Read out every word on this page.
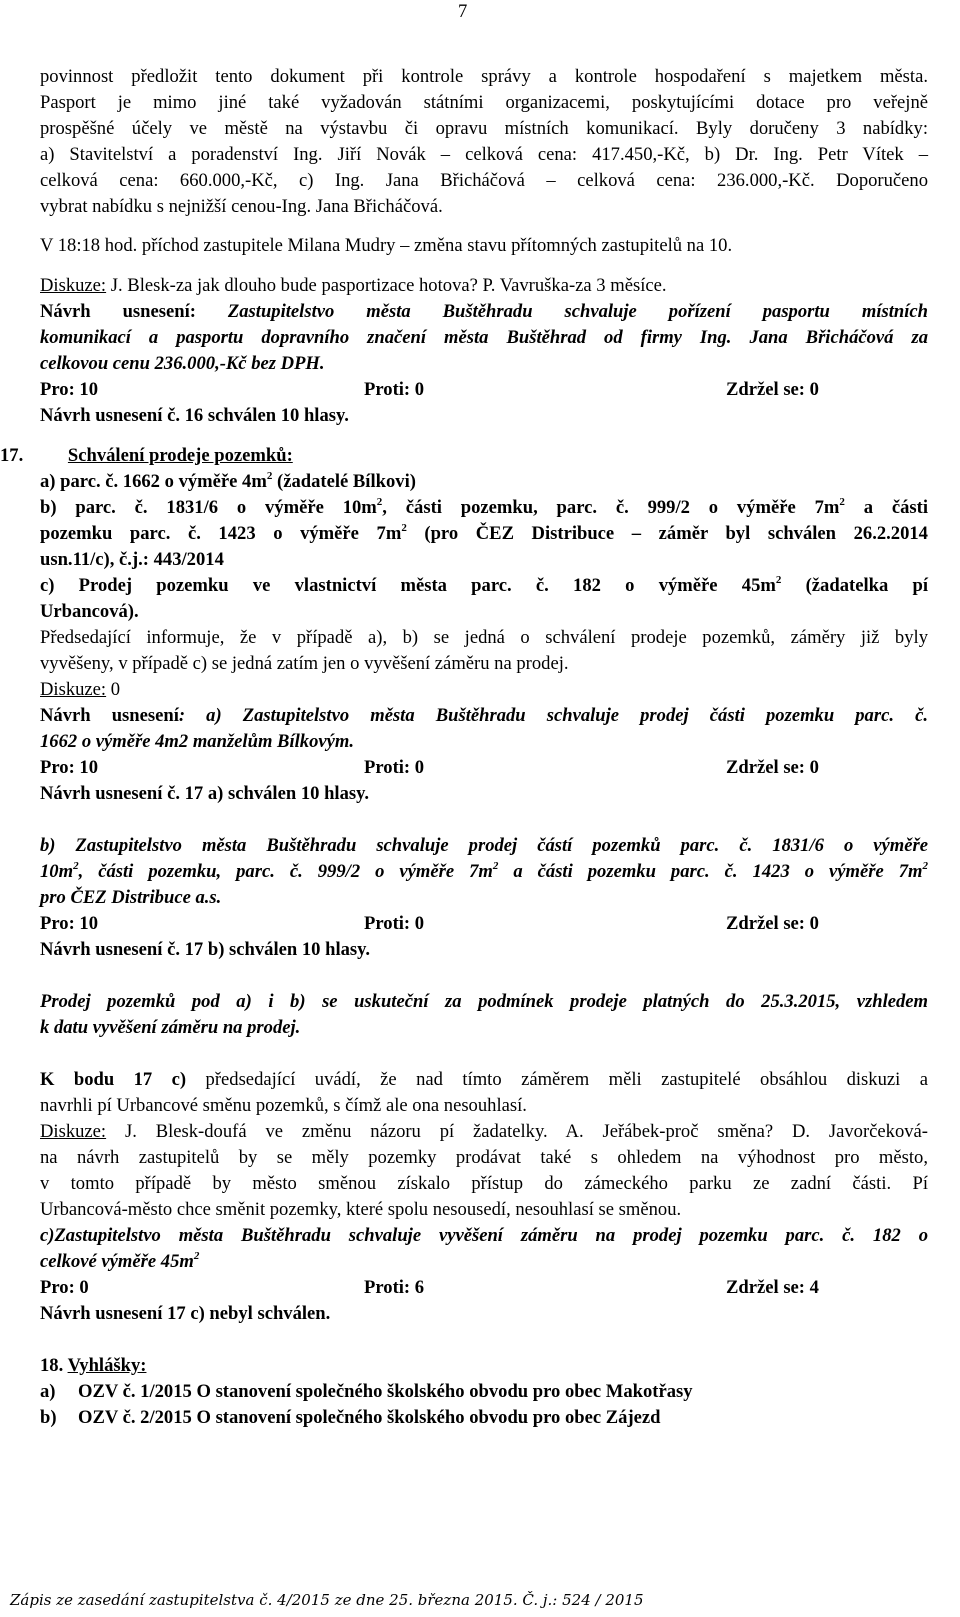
7
povinnost předložit tento dokument při kontrole správy a kontrole hospodaření s majetkem města.
Pasport je mimo jiné také vyžadován státními organizacemi, poskytujícími dotace pro veřejně
prospěšné účely ve městě na výstavbu či opravu místních komunikací. Byly doručeny 3 nabídky:
a) Stavitelství a poradenství Ing. Jiří Novák – celková cena: 417.450,-Kč, b) Dr. Ing. Petr Vítek –
celková cena: 660.000,-Kč, c) Ing. Jana Břicháčová – celková cena: 236.000,-Kč. Doporučeno
vybrat nabídku s nejnižší cenou-Ing. Jana Břicháčová.
V 18:18 hod. příchod zastupitele Milana Mudry – změna stavu přítomných zastupitelů na 10.
Diskuze: J. Blesk-za jak dlouho bude pasportizace hotova? P. Vavruška-za 3 měsíce.
Návrh usnesení: Zastupitelstvo města Buštěhradu schvaluje pořízení pasportu místních
komunikací a pasportu dopravního značení města Buštěhrad od firmy Ing. Jana Břicháčová za
celkovou cenu 236.000,-Kč bez DPH.
Pro: 10	Proti: 0	Zdržel se: 0
Návrh usnesení č. 16 schválen 10 hlasy.
17. Schválení prodeje pozemků:
a) parc. č. 1662 o výměře $4m^2$ (žadatelé Bílkovi)
b) parc. č. 1831/6 o výměře $10m^2$, části pozemku, parc. č. 999/2 o výměře $7m^2$ a části
pozemku parc. č. 1423 o výměře $7m^2$ (pro ČEZ Distribuce – záměr byl schválen 26.2.2014
usn.11/c), č.j.: 443/2014
c) Prodej pozemku ve vlastnictví města parc. č. 182 o výměře $45m^2$ (žadatelka pí
Urbancová).
Předsedající informuje, že v případě a), b) se jedná o schválení prodeje pozemků, záměry již byly
vyvěšeny, v případě c) se jedná zatím jen o vyvěšení záměru na prodej.
Diskuze: 0
Návrh usnesení: a) Zastupitelstvo města Buštěhradu schvaluje prodej části pozemku parc. č.
1662 o výměře 4m2 manželům Bílkovým.
Pro: 10	Proti: 0	Zdržel se: 0
Návrh usnesení č. 17 a) schválen 10 hlasy.
b) Zastupitelstvo města Buštěhradu schvaluje prodej částí pozemků parc. č. 1831/6 o výměře
$10m^2$, části pozemku, parc. č. 999/2 o výměře $7m^2$ a části pozemku parc. č. 1423 o výměře $7m^2$
pro ČEZ Distribuce a.s.
Pro: 10	Proti: 0	Zdržel se: 0
Návrh usnesení č. 17 b) schválen 10 hlasy.
Prodej pozemků pod a) i b) se uskuteční za podmínek prodeje platných do 25.3.2015, vzhledem
k datu vyvěšení záměru na prodej.
K bodu 17 c) předsedající uvádí, že nad tímto záměrem měli zastupitelé obsáhlou diskuzi a
navrhli pí Urbancové směnu pozemků, s čímž ale ona nesouhlasí.
Diskuze: J. Blesk-doufá ve změnu názoru pí žadatelky. A. Jeřábek-proč směna? D. Javorčeková-
na návrh zastupitelů by se měly pozemky prodávat také s ohledem na výhodnost pro město,
v tomto případě by město směnou získalo přístup do zámeckého parku ze zadní části. Pí
Urbancová-město chce směnit pozemky, které spolu nesousedí, nesouhlasí se směnou.
c)Zastupitelstvo města Buštěhradu schvaluje vyvěšení záměru na prodej pozemku parc. č. 182 o
celkové výměře $45m^2$
Pro: 0	Proti: 6	Zdržel se: 4
Návrh usnesení 17 c) nebyl schválen.
18. Vyhlášky:
a) OZV č. 1/2015 O stanovení společného školského obvodu pro obec Makotřasy
b) OZV č. 2/2015 O stanovení společného školského obvodu pro obec Zájezd
Zápis ze zasedání zastupitelstva č. 4/2015 ze dne 25. března 2015. Č. j.: 524 / 2015
